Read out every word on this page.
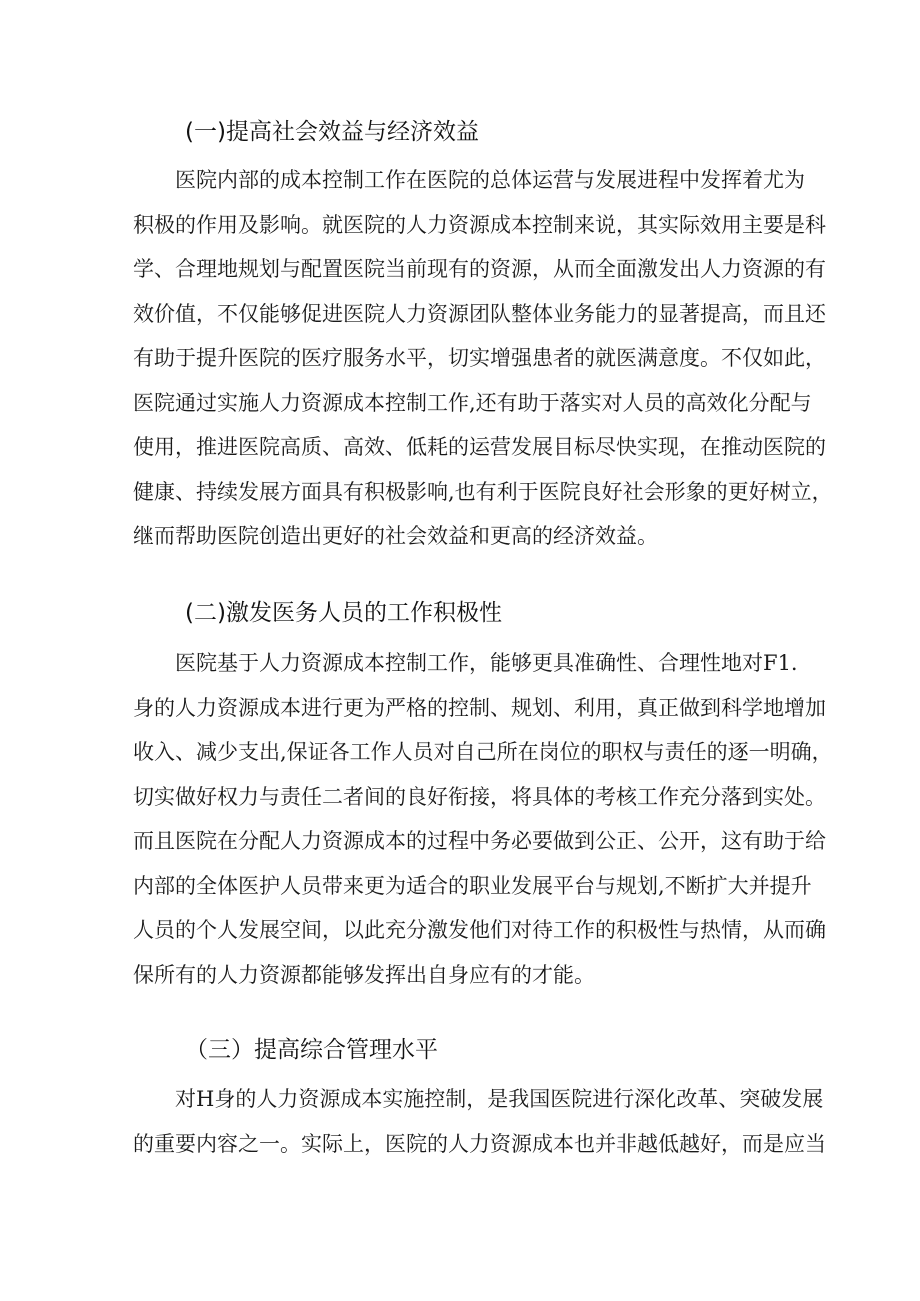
(一)提高社会效益与经济效益
医院内部的成本控制工作在医院的总体运营与发展进程中发挥着尤为
积极的作用及影响。就医院的人力资源成本控制来说，其实际效用主要是科
学、合理地规划与配置医院当前现有的资源，从而全面激发出人力资源的有
效价值，不仅能够促进医院人力资源团队整体业务能力的显著提高，而且还
有助于提升医院的医疗服务水平，切实增强患者的就医满意度。不仅如此，
医院通过实施人力资源成本控制工作,还有助于落实对人员的高效化分配与
使用，推进医院高质、高效、低耗的运营发展目标尽快实现，在推动医院的
健康、持续发展方面具有积极影响,也有利于医院良好社会形象的更好树立，
继而帮助医院创造出更好的社会效益和更高的经济效益。
(二)激发医务人员的工作积极性
医院基于人力资源成本控制工作，能够更具准确性、合理性地对F1.
身的人力资源成本进行更为严格的控制、规划、利用，真正做到科学地增加
收入、减少支出,保证各工作人员对自己所在岗位的职权与责任的逐一明确，
切实做好权力与责任二者间的良好衔接，将具体的考核工作充分落到实处。
而且医院在分配人力资源成本的过程中务必要做到公正、公开，这有助于给
内部的全体医护人员带来更为适合的职业发展平台与规划,不断扩大并提升
人员的个人发展空间，以此充分激发他们对待工作的积极性与热情，从而确
保所有的人力资源都能够发挥出自身应有的才能。
（三）提高综合管理水平
对H身的人力资源成本实施控制，是我国医院进行深化改革、突破发展
的重要内容之一。实际上，医院的人力资源成本也并非越低越好，而是应当
